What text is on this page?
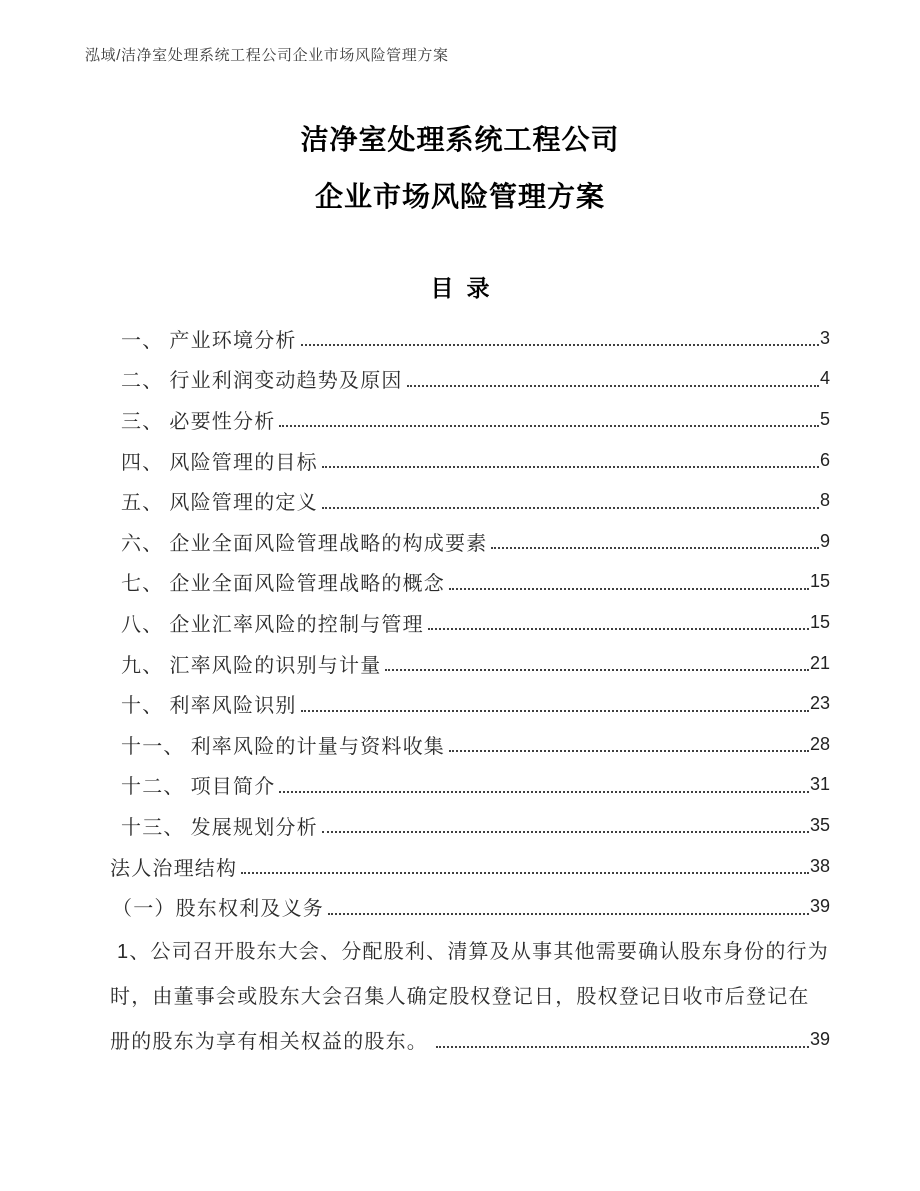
泓域/洁净室处理系统工程公司企业市场风险管理方案
洁净室处理系统工程公司
企业市场风险管理方案
目录
一、 产业环境分析	3
二、 行业利润变动趋势及原因	4
三、 必要性分析	5
四、 风险管理的目标	6
五、 风险管理的定义	8
六、 企业全面风险管理战略的构成要素	9
七、 企业全面风险管理战略的概念	15
八、 企业汇率风险的控制与管理	15
九、 汇率风险的识别与计量	21
十、 利率风险识别	23
十一、 利率风险的计量与资料收集	28
十二、 项目简介	31
十三、 发展规划分析	35
法人治理结构	38
（一）股东权利及义务	39
1、公司召开股东大会、分配股利、清算及从事其他需要确认股东身份的行为
时，由董事会或股东大会召集人确定股权登记日，股权登记日收市后登记在
册的股东为享有相关权益的股东。	39
